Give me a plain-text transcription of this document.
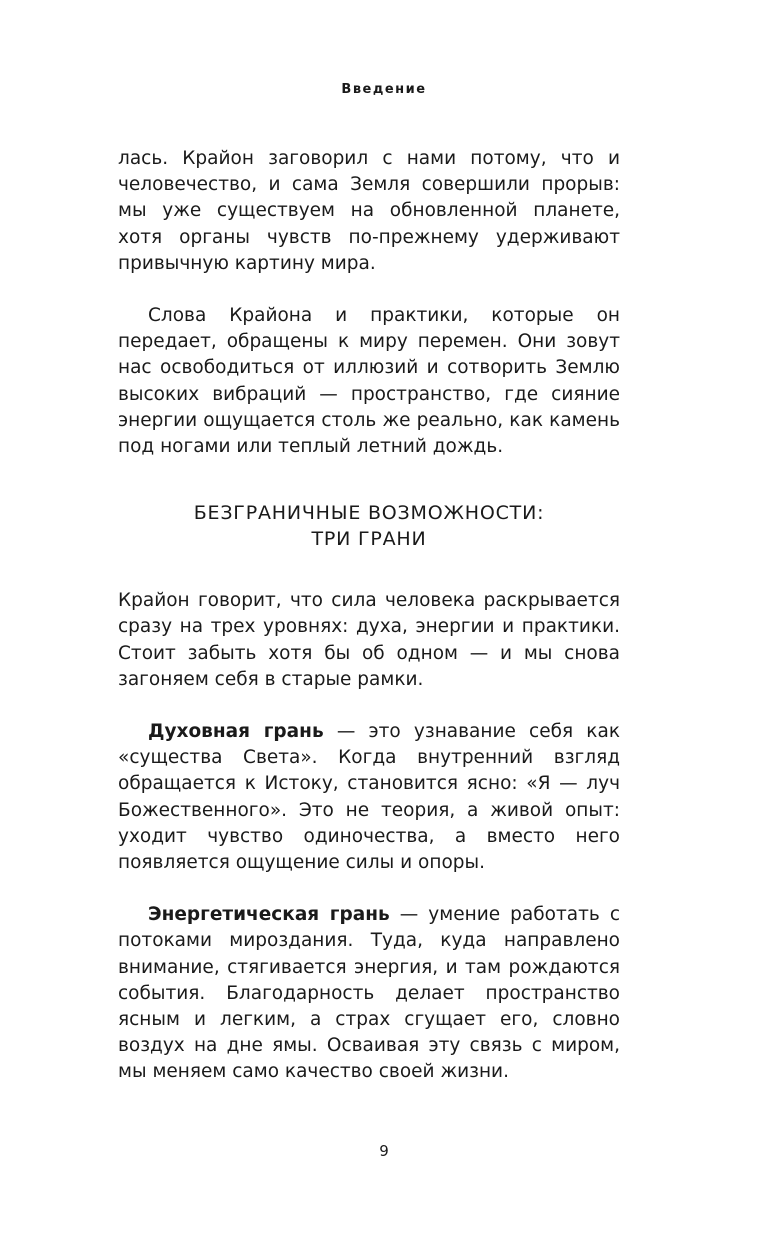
Введение

лась. Крайон заговорил с нами потому, что и человечество, и сама Земля совершили прорыв: мы уже существуем на обновленной планете, хотя органы чувств по-прежнему удерживают привычную картину мира.

Слова Крайона и практики, которые он передает, обращены к миру перемен. Они зовут нас освободиться от иллюзий и сотворить Землю высоких вибраций — пространство, где сияние энергии ощущается столь же реально, как камень под ногами или теплый летний дождь.

БЕЗГРАНИЧНЫЕ ВОЗМОЖНОСТИ:
ТРИ ГРАНИ

Крайон говорит, что сила человека раскрывается сразу на трех уровнях: духа, энергии и практики. Стоит забыть хотя бы об одном — и мы снова загоняем себя в старые рамки.

Духовная грань — это узнавание себя как «существа Света». Когда внутренний взгляд обращается к Истоку, становится ясно: «Я — луч Божественного». Это не теория, а живой опыт: уходит чувство одиночества, а вместо него появляется ощущение силы и опоры.

Энергетическая грань — умение работать с потоками мироздания. Туда, куда направлено внимание, стягивается энергия, и там рождаются события. Благодарность делает пространство ясным и легким, а страх сгущает его, словно воздух на дне ямы. Осваивая эту связь с миром, мы меняем само качество своей жизни.

9
